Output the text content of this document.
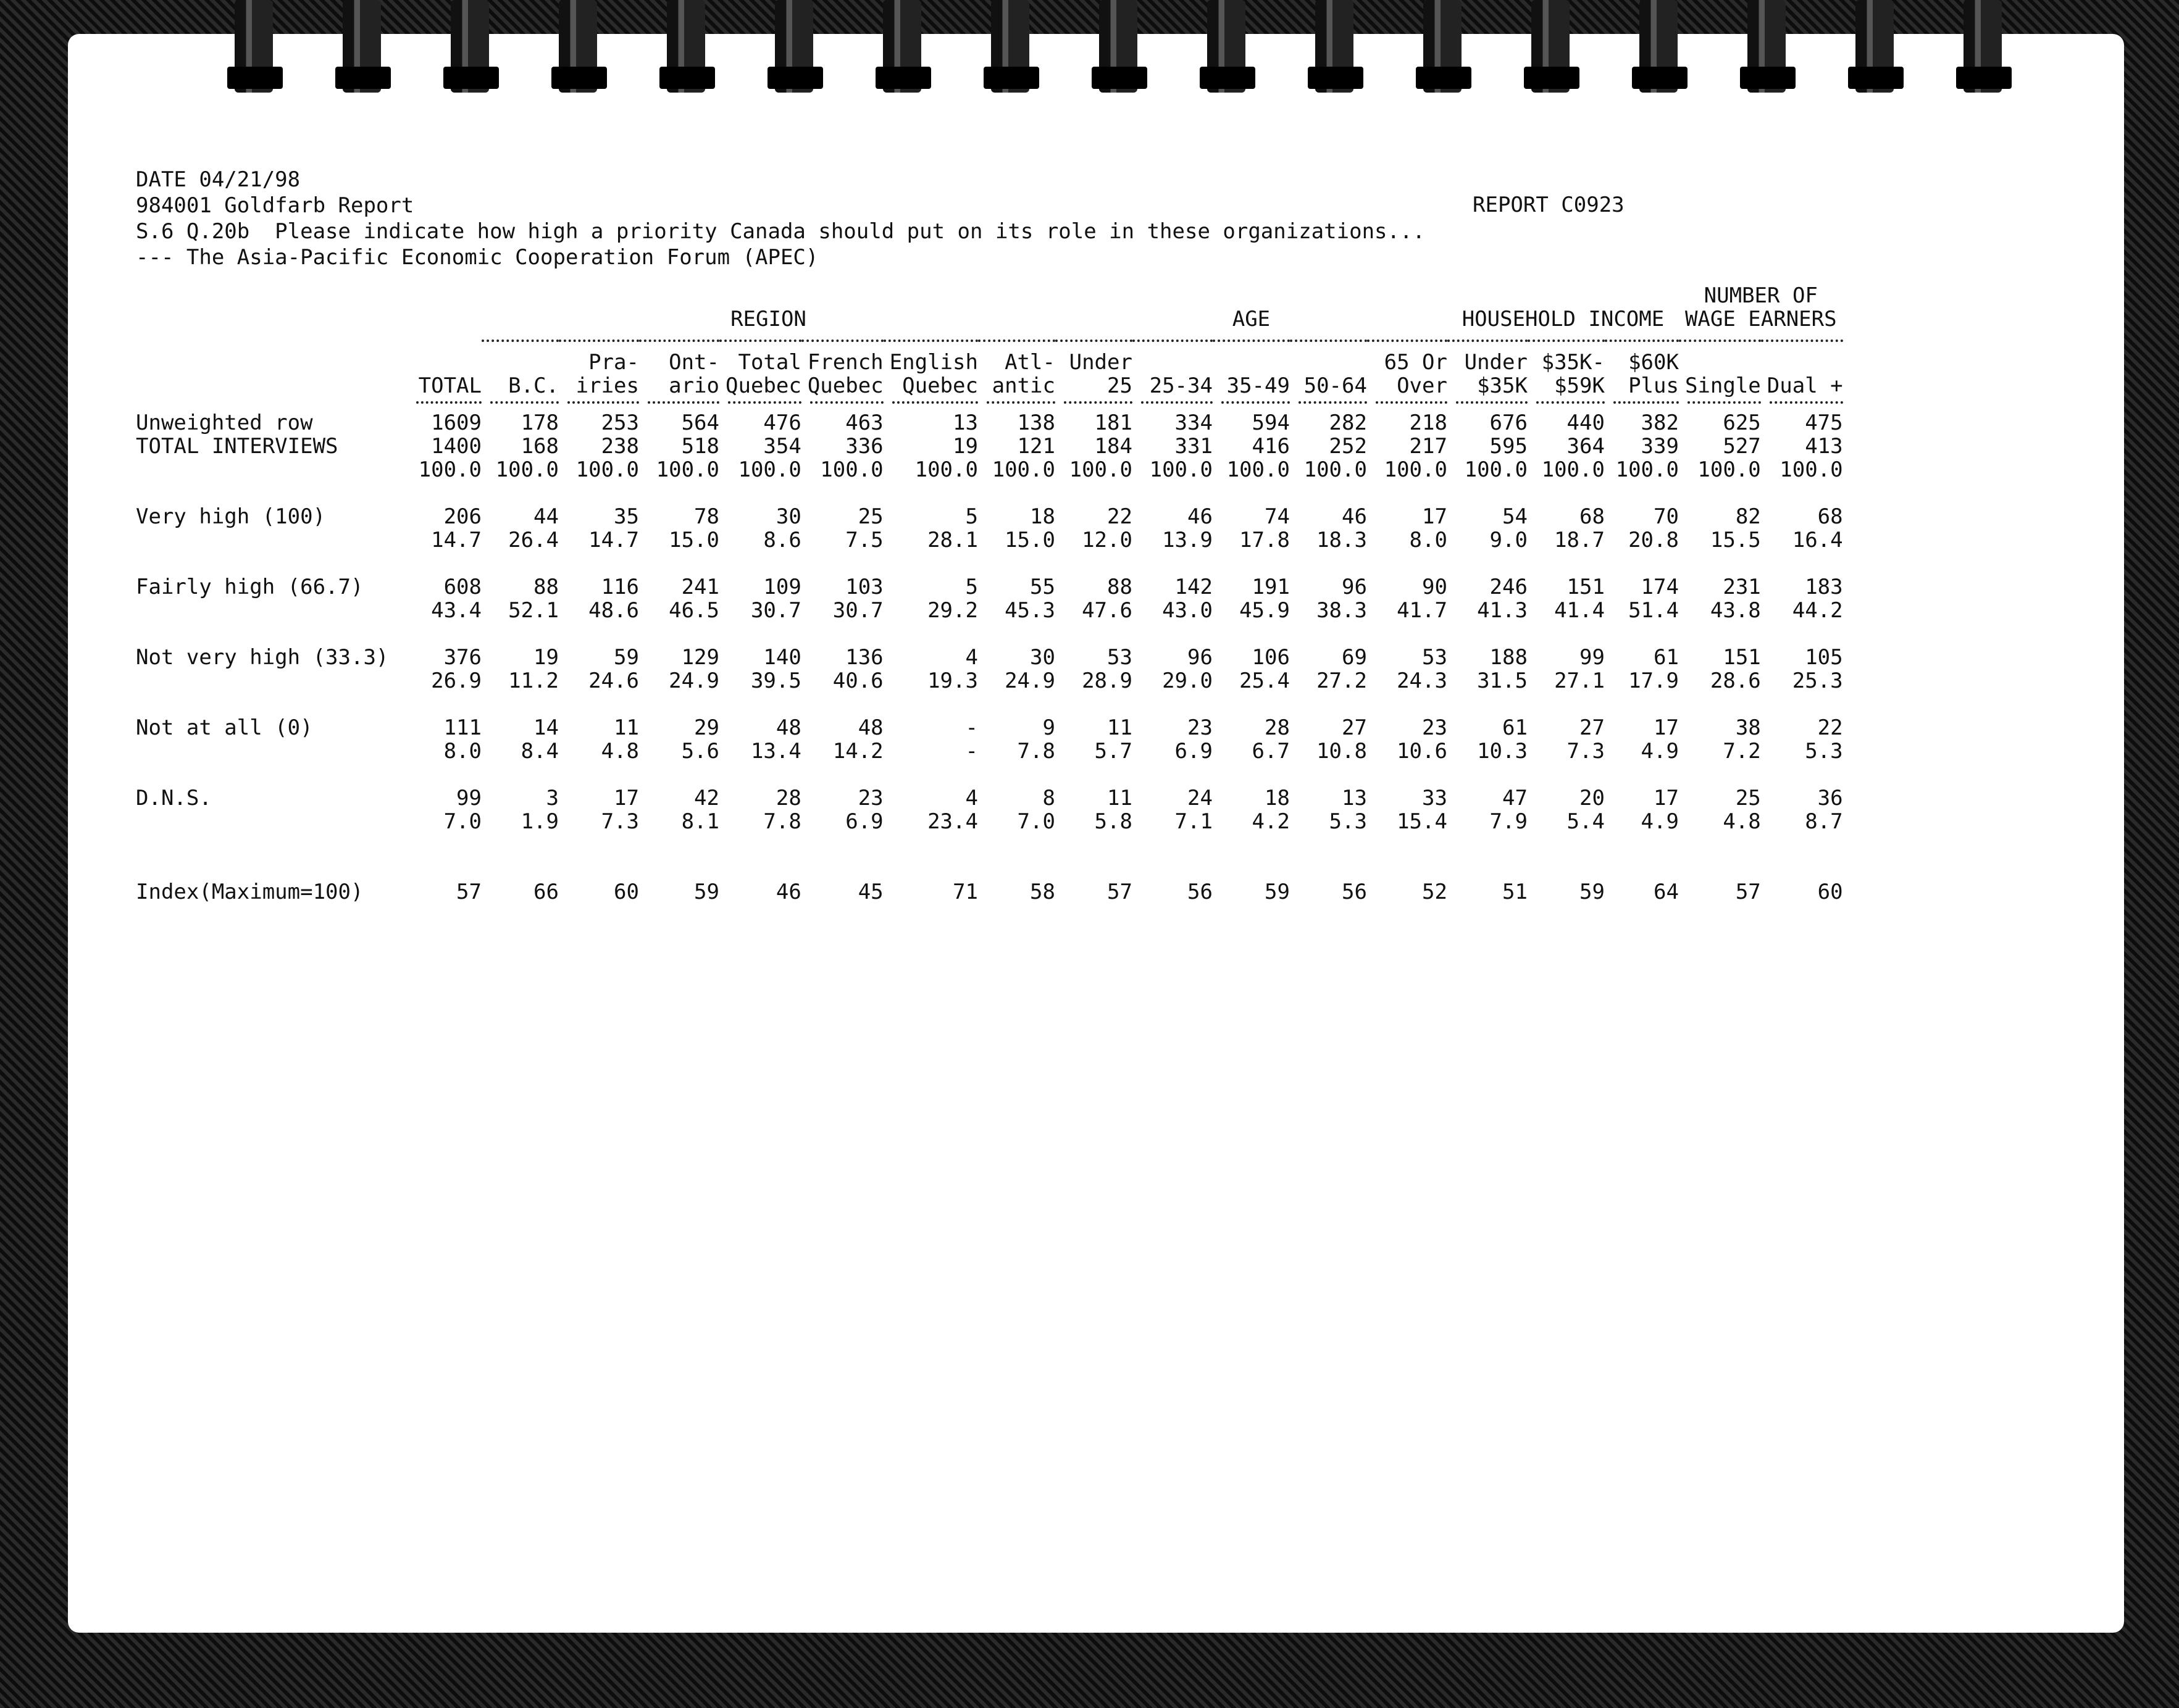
DATE 04/21/98
984001 Goldfarb Report
S.6 Q.20b  Please indicate how high a priority Canada should put on its role in these organizations...
--- The Asia-Pacific Economic Cooperation Forum (APEC)
REPORT C0923

		REGION							AGE					HOUSEHOLD INCOME			NUMBER OF
WAGE EARNERS	

			Pra-	Ont-	Total	French	English	Atl-	Under				65 Or	Under	$35K-	$60K		
	TOTAL	B.C.	iries	ario	Quebec	Quebec	Quebec	antic	25	25-34	35-49	50-64	Over	$35K	$59K	Plus	Single	Dual +

Unweighted row	1609	178	253	564	476	463	13	138	181	334	594	282	218	676	440	382	625	475
TOTAL INTERVIEWS	1400	168	238	518	354	336	19	121	184	331	416	252	217	595	364	339	527	413
	100.0	100.0	100.0	100.0	100.0	100.0	100.0	100.0	100.0	100.0	100.0	100.0	100.0	100.0	100.0	100.0	100.0	100.0

Very high (100)	206	44	35	78	30	25	5	18	22	46	74	46	17	54	68	70	82	68
	14.7	26.4	14.7	15.0	8.6	7.5	28.1	15.0	12.0	13.9	17.8	18.3	8.0	9.0	18.7	20.8	15.5	16.4

Fairly high (66.7)	608	88	116	241	109	103	5	55	88	142	191	96	90	246	151	174	231	183
	43.4	52.1	48.6	46.5	30.7	30.7	29.2	45.3	47.6	43.0	45.9	38.3	41.7	41.3	41.4	51.4	43.8	44.2

Not very high (33.3)	376	19	59	129	140	136	4	30	53	96	106	69	53	188	99	61	151	105
	26.9	11.2	24.6	24.9	39.5	40.6	19.3	24.9	28.9	29.0	25.4	27.2	24.3	31.5	27.1	17.9	28.6	25.3

Not at all (0)	111	14	11	29	48	48	-	9	11	23	28	27	23	61	27	17	38	22
	8.0	8.4	4.8	5.6	13.4	14.2	-	7.8	5.7	6.9	6.7	10.8	10.6	10.3	7.3	4.9	7.2	5.3

D.N.S.	99	3	17	42	28	23	4	8	11	24	18	13	33	47	20	17	25	36
	7.0	1.9	7.3	8.1	7.8	6.9	23.4	7.0	5.8	7.1	4.2	5.3	15.4	7.9	5.4	4.9	4.8	8.7

Index(Maximum=100)	57	66	60	59	46	45	71	58	57	56	59	56	52	51	59	64	57	60
